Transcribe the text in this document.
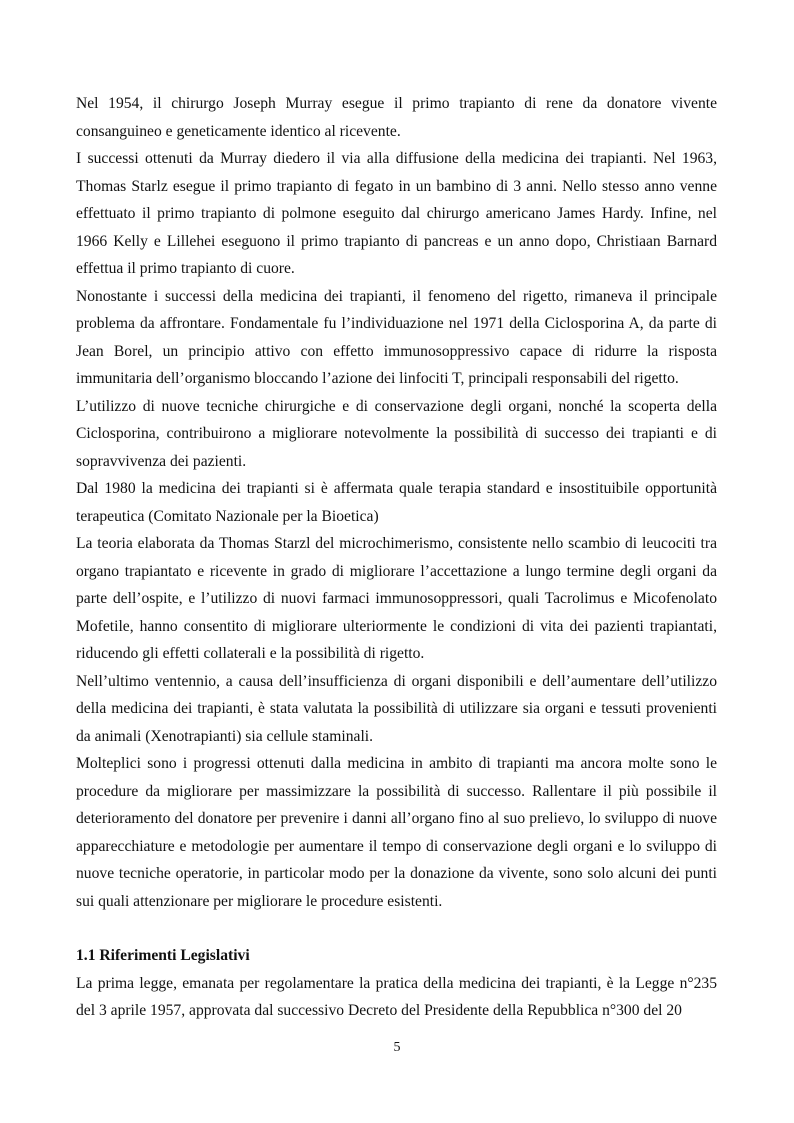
Nel 1954, il chirurgo Joseph Murray esegue il primo trapianto di rene da donatore vivente consanguineo e geneticamente identico al ricevente.

I successi ottenuti da Murray diedero il via alla diffusione della medicina dei trapianti. Nel 1963, Thomas Starlz esegue il primo trapianto di fegato in un bambino di 3 anni. Nello stesso anno venne effettuato il primo trapianto di polmone eseguito dal chirurgo americano James Hardy. Infine, nel 1966 Kelly e Lillehei eseguono il primo trapianto di pancreas e un anno dopo, Christiaan Barnard effettua il primo trapianto di cuore.

Nonostante i successi della medicina dei trapianti, il fenomeno del rigetto, rimaneva il principale problema da affrontare. Fondamentale fu l’individuazione nel 1971 della Ciclosporina A, da parte di Jean Borel, un principio attivo con effetto immunosoppressivo capace di ridurre la risposta immunitaria dell’organismo bloccando l’azione dei linfociti T, principali responsabili del rigetto.

L’utilizzo di nuove tecniche chirurgiche e di conservazione degli organi, nonché la scoperta della Ciclosporina, contribuirono a migliorare notevolmente la possibilità di successo dei trapianti e di sopravvivenza dei pazienti.

Dal 1980 la medicina dei trapianti si è affermata quale terapia standard e insostituibile opportunità terapeutica (Comitato Nazionale per la Bioetica)

La teoria elaborata da Thomas Starzl del microchimerismo, consistente nello scambio di leucociti tra organo trapiantato e ricevente in grado di migliorare l’accettazione a lungo termine degli organi da parte dell’ospite, e l’utilizzo di nuovi farmaci immunosoppressori, quali Tacrolimus e Micofenolato Mofetile, hanno consentito di migliorare ulteriormente le condizioni di vita dei pazienti trapiantati, riducendo gli effetti collaterali e la possibilità di rigetto.

Nell’ultimo ventennio, a causa dell’insufficienza di organi disponibili e dell’aumentare dell’utilizzo della medicina dei trapianti, è stata valutata la possibilità di utilizzare sia organi e tessuti provenienti da animali (Xenotrapianti) sia cellule staminali.

Molteplici sono i progressi ottenuti dalla medicina in ambito di trapianti ma ancora molte sono le procedure da migliorare per massimizzare la possibilità di successo. Rallentare il più possibile il deterioramento del donatore per prevenire i danni all’organo fino al suo prelievo, lo sviluppo di nuove apparecchiature e metodologie per aumentare il tempo di conservazione degli organi e lo sviluppo di nuove tecniche operatorie, in particolar modo per la donazione da vivente, sono solo alcuni dei punti sui quali attenzionare per migliorare le procedure esistenti.

1.1 Riferimenti Legislativi

La prima legge, emanata per regolamentare la pratica della medicina dei trapianti, è la Legge n°235 del 3 aprile 1957, approvata dal successivo Decreto del Presidente della Repubblica n°300 del 20

5
